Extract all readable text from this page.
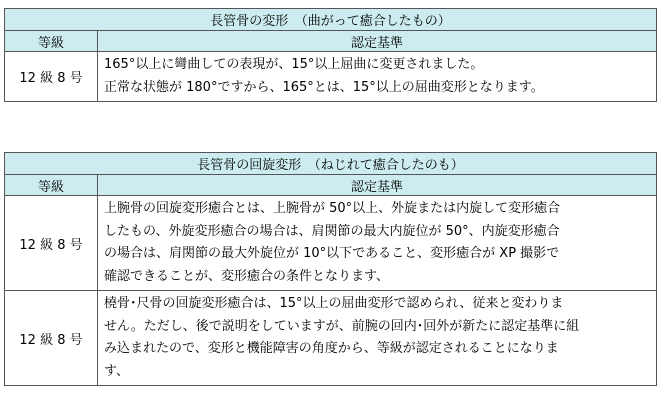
長管骨の変形　（曲がって癒合したもの）	
等級	認定基準
12 級 8 号	165°以上に彎曲しての表現が、15°以上屈曲に変更されました。
正常な状態が 180°ですから、165°とは、15°以上の屈曲変形となります。
長管骨の回旋変形　（ねじれて癒合したのも）	
等級	認定基準
12 級 8 号	上腕骨の回旋変形癒合とは、上腕骨が 50°以上、外旋または内旋して変形癒合
したもの、外旋変形癒合の場合は、肩関節の最大内旋位が 50°、内旋変形癒合
の場合は、肩関節の最大外旋位が 10°以下であること、変形癒合が XP 撮影で
確認できることが、変形癒合の条件となります、

12 級 8 号	橈骨･尺骨の回旋変形癒合は、15°以上の屈曲変形で認められ、従来と変わりま
せん。ただし、後で説明をしていますが、前腕の回内･回外が新たに認定基準に組
み込まれたので、変形と機能障害の角度から、等級が認定されることになりま
す、
